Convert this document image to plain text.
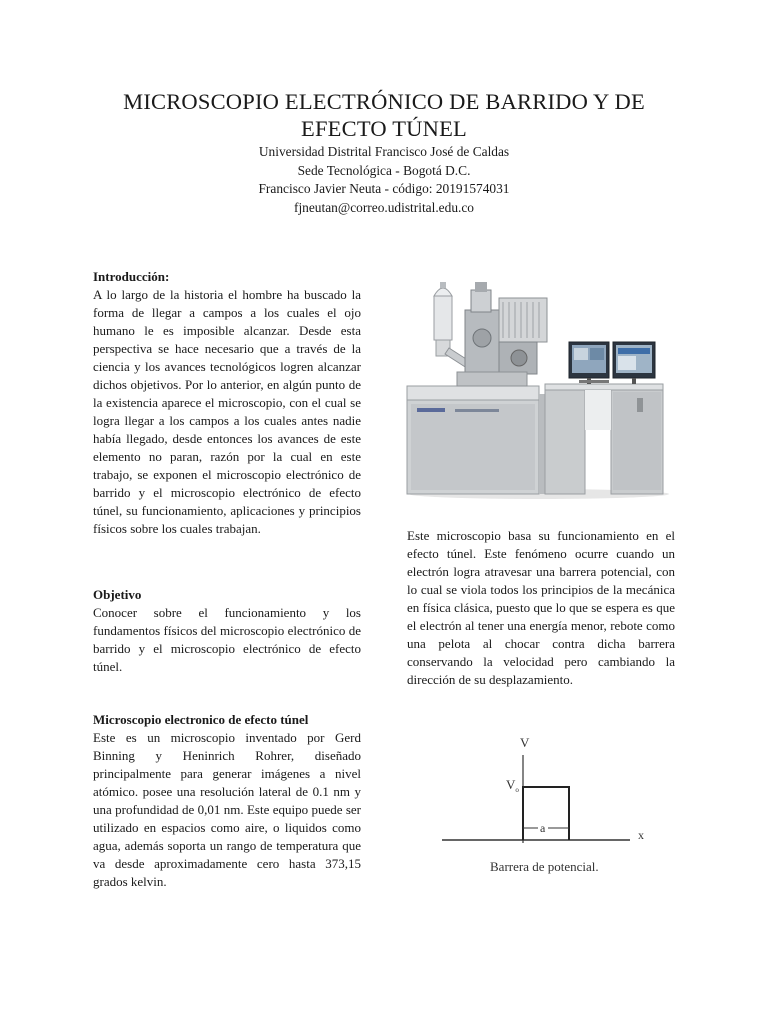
MICROSCOPIO ELECTRÓNICO DE BARRIDO Y DE
EFECTO TÚNEL
Universidad Distrital Francisco José de Caldas
Sede Tecnológica - Bogotá D.C.
Francisco Javier Neuta - código: 20191574031
fjneutan@correo.udistrital.edu.co
Introducción:

A lo largo de la historia el hombre ha buscado la forma de llegar a campos a los cuales el ojo humano le es imposible alcanzar. Desde esta perspectiva se hace necesario que a través de la ciencia y los avances tecnológicos logren alcanzar dichos objetivos. Por lo anterior, en algún punto de la existencia aparece el microscopio, con el cual se logra llegar a los campos a los cuales antes nadie había llegado, desde entonces los avances de este elemento no paran, razón por la cual en este trabajo, se exponen el microscopio electrónico de barrido y el microscopio electrónico de efecto túnel, su funcionamiento, aplicaciones y principios físicos sobre los cuales trabajan.

Objetivo

Conocer sobre el funcionamiento y los fundamentos físicos del microscopio electrónico de barrido y el microscopio electrónico de efecto túnel.

Microscopio electronico de efecto túnel

Este es un microscopio inventado por Gerd Binning y Heninrich Rohrer, diseñado principalmente para generar imágenes a nivel atómico. posee una resolución lateral de 0.1 nm y una profundidad de 0,01 nm. Este equipo puede ser utilizado en espacios como aire, o liquidos como agua, además soporta un rango de temperatura que va desde aproximadamente cero hasta 373,15 grados kelvin.

Este microscopio basa su funcionamiento en el efecto túnel. Este fenómeno ocurre cuando un electrón logra atravesar una barrera potencial, con lo cual se viola todos los principios de la mecánica en física clásica, puesto que lo que se espera es que el electrón al tener una energía menor, rebote como una pelota al chocar contra dicha barrera conservando la velocidad pero cambiando la dirección de su desplazamiento.

V
$V_o$
a	x
Barrera de potencial.
